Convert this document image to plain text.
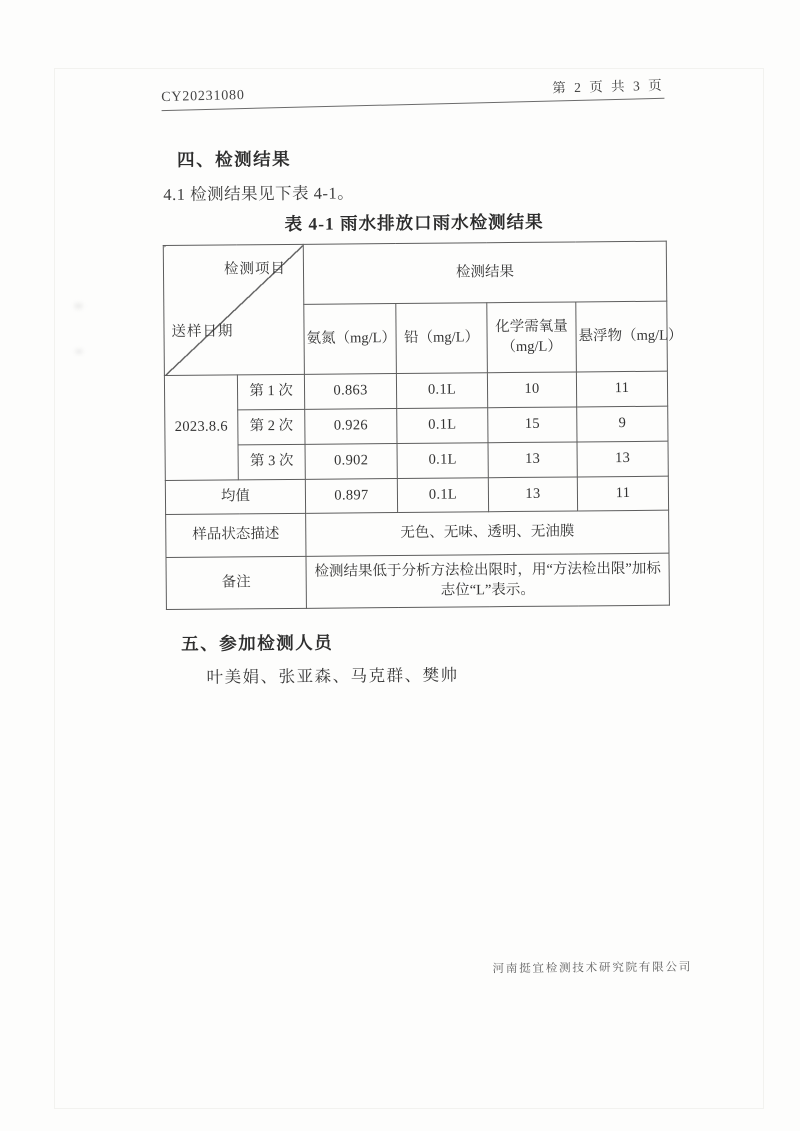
CY20231080
第 2 页 共 3 页
四、检测结果
4.1 检测结果见下表 4-1。
表 4-1 雨水排放口雨水检测结果
检测项目
送样日期		检测结果			
		氨氮（mg/L）	铅（mg/L）	化学需氧量（mg/L）	悬浮物（mg/L）
2023.8.6	第 1 次	0.863	0.1L	10	11
	第 2 次	0.926	0.1L	15	9
	第 3 次	0.902	0.1L	13	13
均值		0.897	0.1L	13	11
样品状态描述		无色、无味、透明、无油膜			
备注		检测结果低于分析方法检出限时，用“方法检出限”加标志位“L”表示。			
五、参加检测人员
叶美娟、张亚森、马克群、樊帅
河南挺宜检测技术研究院有限公司
